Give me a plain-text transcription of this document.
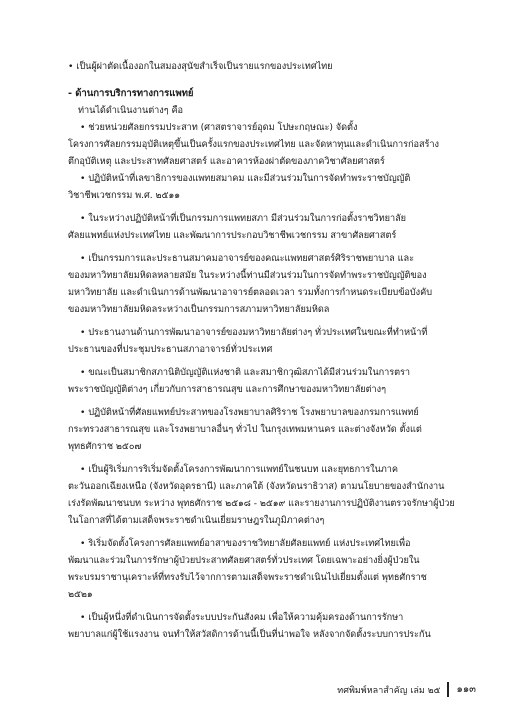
• เป็นผู้ผ่าตัดเนื้องอกในสมองสุนัขสำเร็จเป็นรายแรกของประเทศไทย
- ด้านการบริการทางการแพทย์
ท่านได้ดำเนินงานต่างๆ คือ
• ช่วยหน่วยศัลยกรรมประสาท (ศาสตราจารย์อุดม โปษะกฤษณะ) จัดตั้ง
โครงการศัลยกรรมอุบัติเหตุขึ้นเป็นครั้งแรกของประเทศไทย และจัดหาทุนและดำเนินการก่อสร้าง
ตึกอุบัติเหตุ และประสาทศัลยศาสตร์ และอาคารห้องผ่าตัดของภาควิชาศัลยศาสตร์
• ปฏิบัติหน้าที่เลขาธิการของแพทยสมาคม และมีส่วนร่วมในการจัดทำพระราชบัญญัติ
วิชาชีพเวชกรรม พ.ศ. ๒๕๑๑
• ในระหว่างปฏิบัติหน้าที่เป็นกรรมการแพทยสภา มีส่วนร่วมในการก่อตั้งราชวิทยาลัย
ศัลยแพทย์แห่งประเทศไทย และพัฒนาการประกอบวิชาชีพเวชกรรม สาขาศัลยศาสตร์
• เป็นกรรมการและประธานสมาคมอาจารย์ของคณะแพทยศาสตร์ศิริราชพยาบาล และ
ของมหาวิทยาลัยมหิดลหลายสมัย ในระหว่างนี้ท่านมีส่วนร่วมในการจัดทำพระราชบัญญัติของ
มหาวิทยาลัย และดำเนินการด้านพัฒนาอาจารย์ตลอดเวลา รวมทั้งการกำหนดระเบียบข้อบังคับ
ของมหาวิทยาลัยมหิดลระหว่างเป็นกรรมการสภามหาวิทยาลัยมหิดล
• ประธานงานด้านการพัฒนาอาจารย์ของมหาวิทยาลัยต่างๆ ทั่วประเทศในขณะที่ทำหน้าที่
ประธานของที่ประชุมประธานสภาอาจารย์ทั่วประเทศ
• ขณะเป็นสมาชิกสภานิติบัญญัติแห่งชาติ และสมาชิกวุฒิสภาได้มีส่วนร่วมในการตรา
พระราชบัญญัติต่างๆ เกี่ยวกับการสาธารณสุข และการศึกษาของมหาวิทยาลัยต่างๆ
• ปฏิบัติหน้าที่ศัลยแพทย์ประสาทของโรงพยาบาลศิริราช โรงพยาบาลของกรมการแพทย์
กระทรวงสาธารณสุข และโรงพยาบาลอื่นๆ ทั่วไป ในกรุงเทพมหานคร และต่างจังหวัด ตั้งแต่
พุทธศักราช ๒๕๐๗
• เป็นผู้ริเริ่มการริเริ่มจัดตั้งโครงการพัฒนาการแพทย์ในชนบท และยุทธการในภาค
ตะวันออกเฉียงเหนือ (จังหวัดอุดรธานี) และภาคใต้ (จังหวัดนราธิวาส) ตามนโยบายของสำนักงาน
เร่งรัดพัฒนาชนบท ระหว่าง พุทธศักราช ๒๕๑๘ - ๒๕๑๙ และรายงานการปฏิบัติงานตรวจรักษาผู้ป่วย
ในโอกาสที่ได้ตามเสด็จพระราชดำเนินเยี่ยมราษฎรในภูมิภาคต่างๆ
• ริเริ่มจัดตั้งโครงการศัลยแพทย์อาสาของราชวิทยาลัยศัลยแพทย์ แห่งประเทศไทยเพื่อ
พัฒนาและร่วมในการรักษาผู้ป่วยประสาทศัลยศาสตร์ทั่วประเทศ โดยเฉพาะอย่างยิ่งผู้ป่วยใน
พระบรมราชานุเคราะห์ที่ทรงรับไว้จากการตามเสด็จพระราชดำเนินไปเยี่ยมตั้งแต่ พุทธศักราช
๒๕๒๑
• เป็นผู้หนึ่งที่ดำเนินการจัดตั้งระบบประกันสังคม เพื่อให้ความคุ้มครองด้านการรักษา
พยาบาลแก่ผู้ใช้แรงงาน จนทำให้สวัสดิการด้านนี้เป็นที่น่าพอใจ หลังจากจัดตั้งระบบการประกัน
ทศพิมพ์หลาสำคัญ เล่ม ๒๕ ๑๑๓
